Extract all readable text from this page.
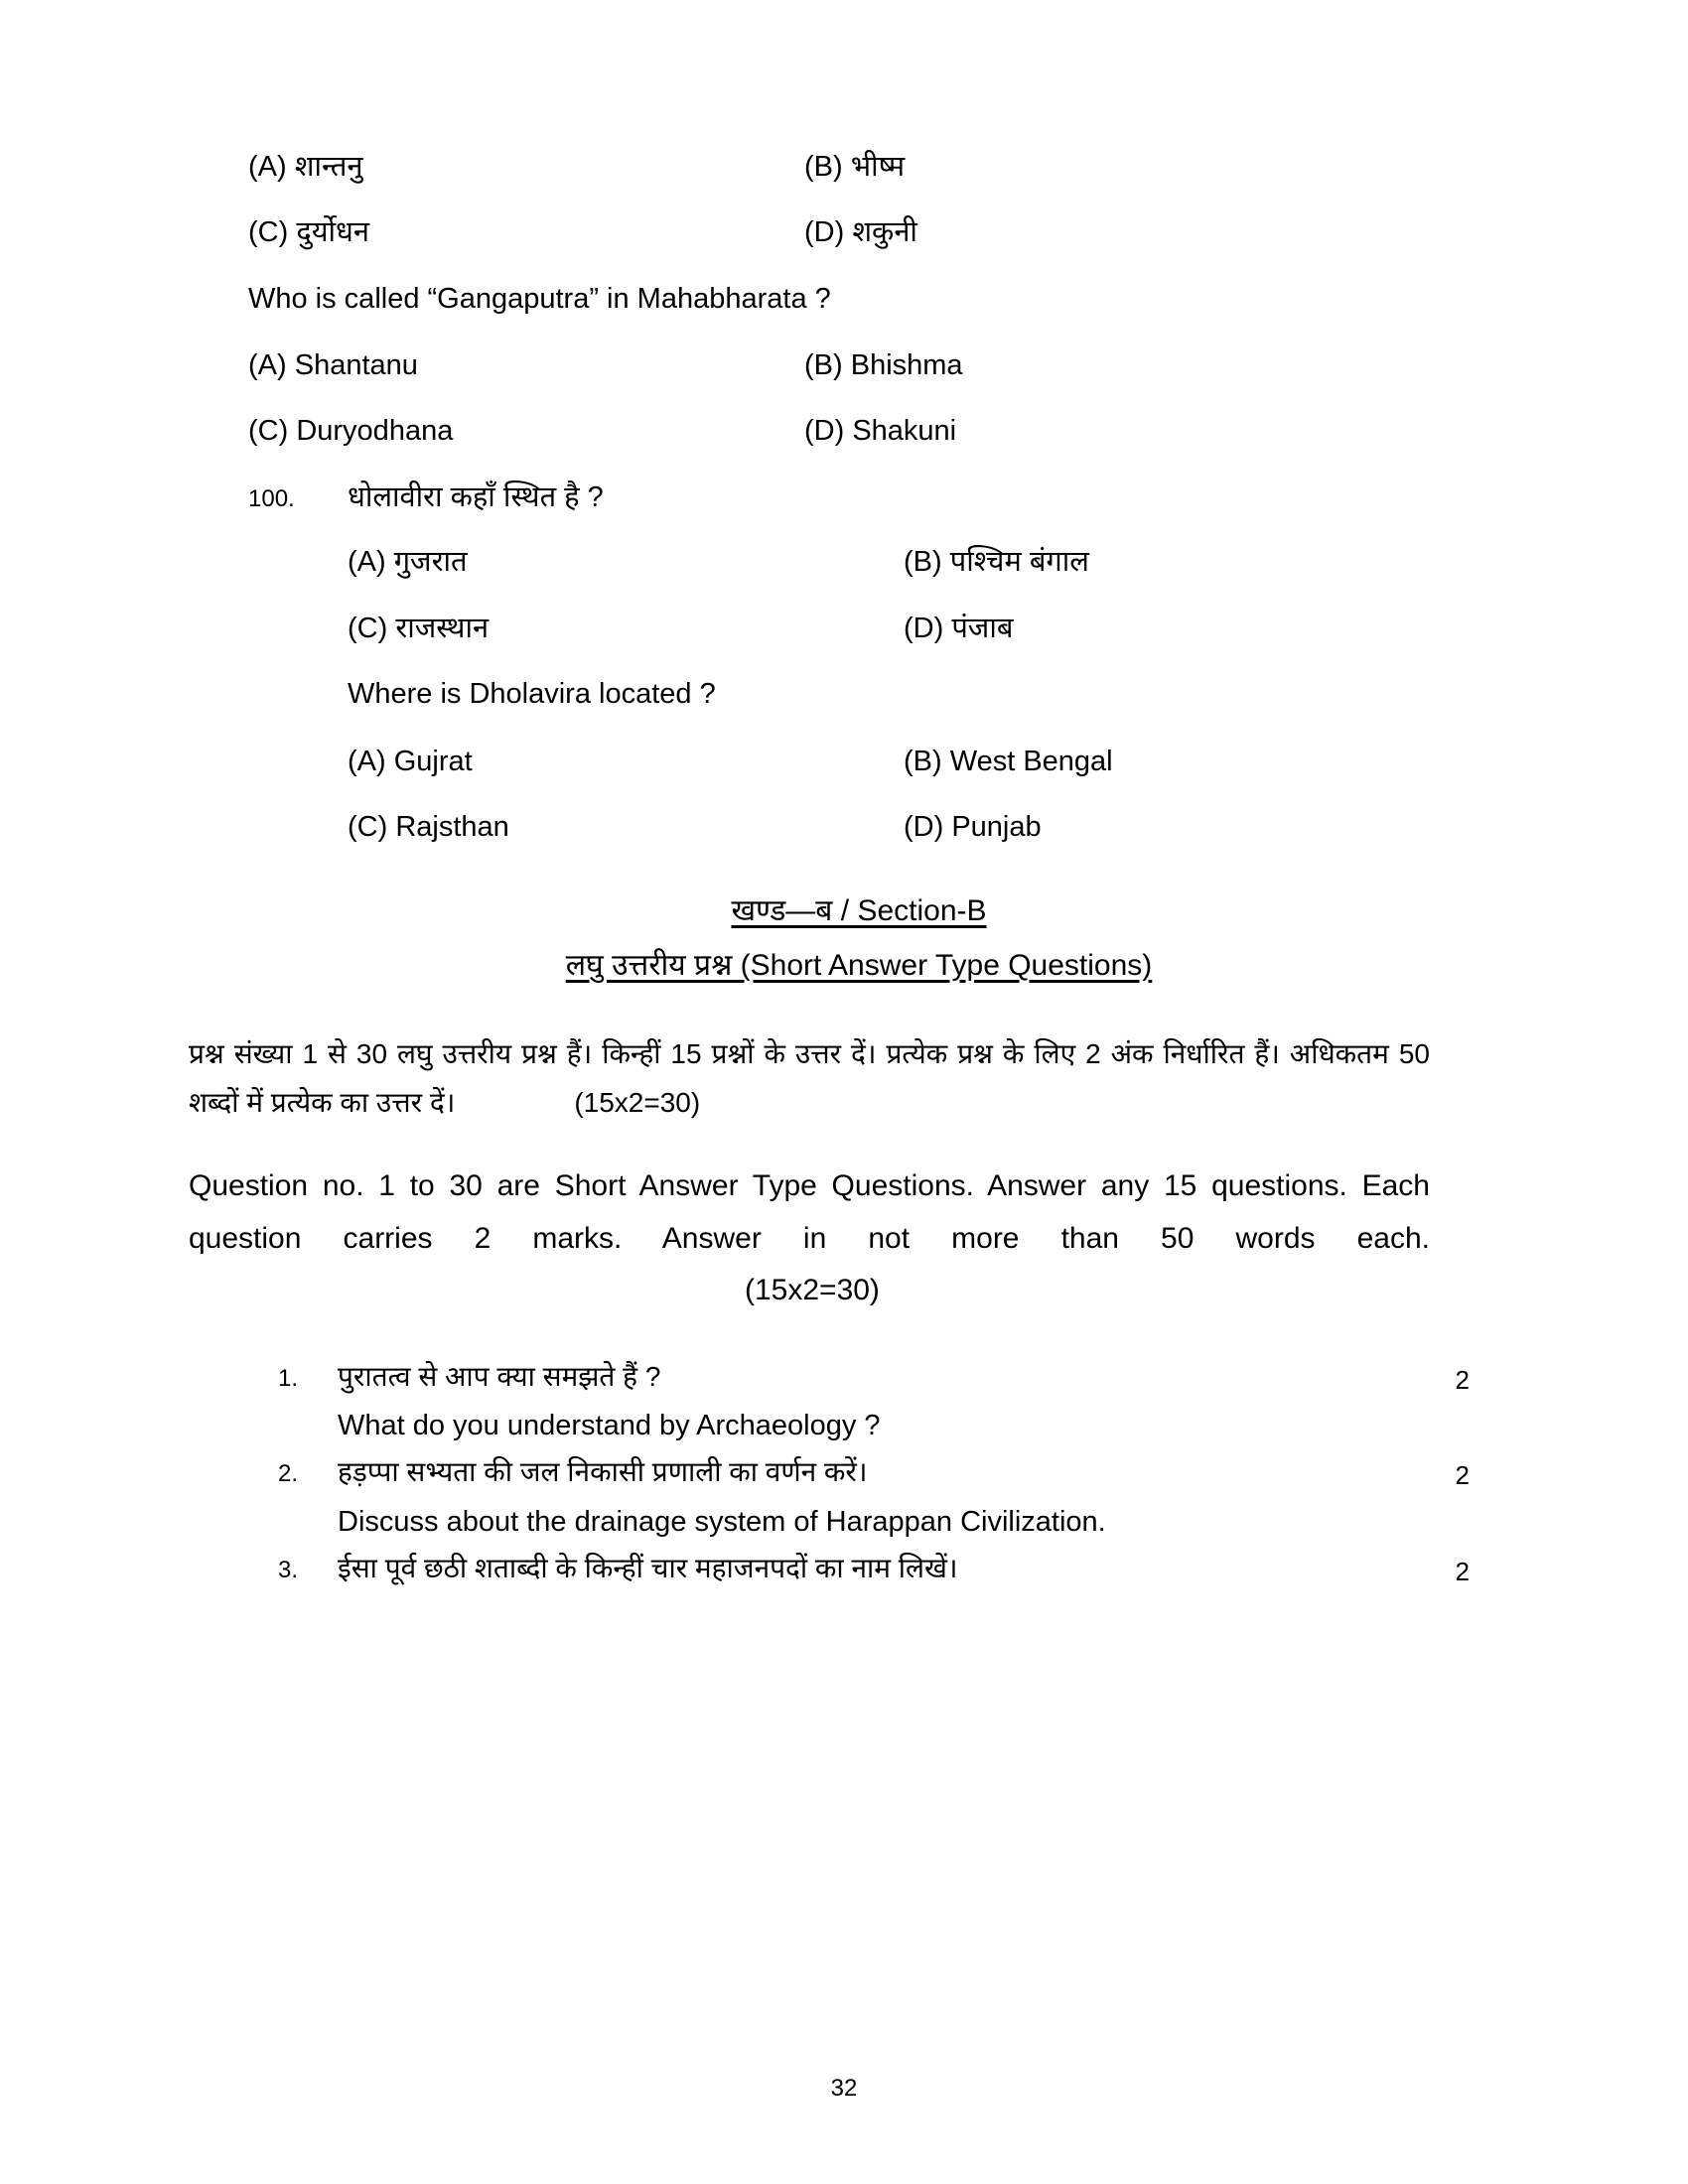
(A) शान्तनु	(B) भीष्म
(C) दुर्योधन	(D) शकुनी
Who is called “Gangaputra” in Mahabharata ?
(A) Shantanu	(B) Bhishma
(C) Duryodhana	(D) Shakuni
100.	धोलावीरा कहाँ स्थित है ?
(A) गुजरात	(B) पश्चिम बंगाल
(C) राजस्थान	(D) पंजाब
Where is Dholavira located ?
(A) Gujrat	(B) West Bengal
(C) Rajsthan	(D) Punjab
खण्ड—ब / Section-B
लघु उत्तरीय प्रश्न (Short Answer Type Questions)

प्रश्न संख्या 1 से 30 लघु उत्तरीय प्रश्न हैं। किन्हीं 15 प्रश्नों के उत्तर दें। प्रत्येक प्रश्न के लिए 2 अंक निर्धारित हैं। अधिकतम 50 शब्दों में प्रत्येक का उत्तर दें।	(15x2=30)

Question no. 1 to 30 are Short Answer Type Questions. Answer any 15 questions. Each question carries 2 marks. Answer in not more than 50 words each.(15x2=30)

1.	पुरातत्व से आप क्या समझते हैं ?	2
What do you understand by Archaeology ?
2.	हड़प्पा सभ्यता की जल निकासी प्रणाली का वर्णन करें।	2
Discuss about the drainage system of Harappan Civilization.
3.	ईसा पूर्व छठी शताब्दी के किन्हीं चार महाजनपदों का नाम लिखें।	2
32
